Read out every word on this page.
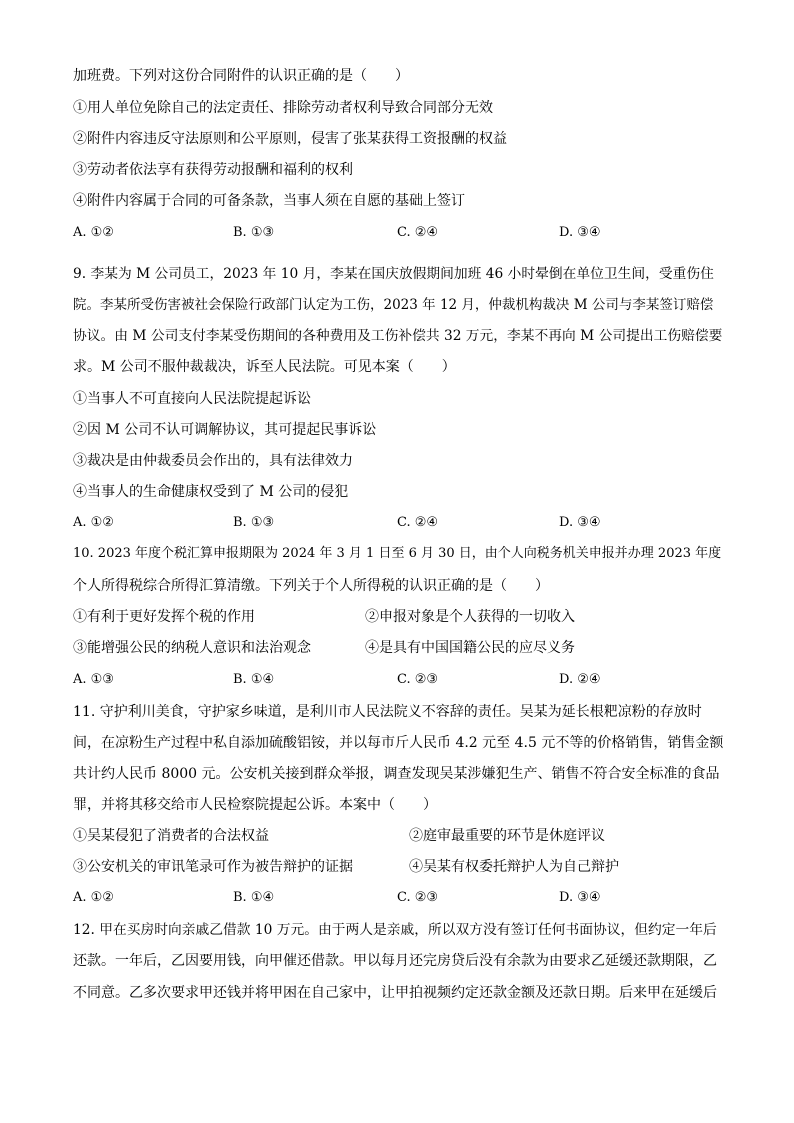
加班费。下列对这份合同附件的认识正确的是（　　）
①用人单位免除自己的法定责任、排除劳动者权利导致合同部分无效
②附件内容违反守法原则和公平原则，侵害了张某获得工资报酬的权益
③劳动者依法享有获得劳动报酬和福利的权利
④附件内容属于合同的可备条款，当事人须在自愿的基础上签订
A. ①②	B. ①③	C. ②④	D. ③④
9. 李某为 M 公司员工，2023 年 10 月，李某在国庆放假期间加班 46 小时晕倒在单位卫生间，受重伤住
院。李某所受伤害被社会保险行政部门认定为工伤，2023 年 12 月，仲裁机构裁决 M 公司与李某签订赔偿
协议。由 M 公司支付李某受伤期间的各种费用及工伤补偿共 32 万元，李某不再向 M 公司提出工伤赔偿要
求。M 公司不服仲裁裁决，诉至人民法院。可见本案（　　）
①当事人不可直接向人民法院提起诉讼
②因 M 公司不认可调解协议，其可提起民事诉讼
③裁决是由仲裁委员会作出的，具有法律效力
④当事人的生命健康权受到了 M 公司的侵犯
A. ①②	B. ①③	C. ②④	D. ③④
10. 2023 年度个税汇算申报期限为 2024 年 3 月 1 日至 6 月 30 日，由个人向税务机关申报并办理 2023 年度
个人所得税综合所得汇算清缴。下列关于个人所得税的认识正确的是（　　）
①有利于更好发挥个税的作用	②申报对象是个人获得的一切收入
③能增强公民的纳税人意识和法治观念	④是具有中国国籍公民的应尽义务
A. ①③	B. ①④	C. ②③	D. ②④
11. 守护利川美食，守护家乡味道，是利川市人民法院义不容辞的责任。吴某为延长根粑凉粉的存放时
间，在凉粉生产过程中私自添加硫酸铝铵，并以每市斤人民币 4.2 元至 4.5 元不等的价格销售，销售金额
共计约人民币 8000 元。公安机关接到群众举报，调查发现吴某涉嫌犯生产、销售不符合安全标准的食品
罪，并将其移交给市人民检察院提起公诉。本案中（　　）
①吴某侵犯了消费者的合法权益	②庭审最重要的环节是休庭评议
③公安机关的审讯笔录可作为被告辩护的证据	④吴某有权委托辩护人为自己辩护
A. ①②	B. ①④	C. ②③	D. ③④
12. 甲在买房时向亲戚乙借款 10 万元。由于两人是亲戚，所以双方没有签订任何书面协议，但约定一年后
还款。一年后，乙因要用钱，向甲催还借款。甲以每月还完房贷后没有余款为由要求乙延缓还款期限，乙
不同意。乙多次要求甲还钱并将甲困在自己家中，让甲拍视频约定还款金额及还款日期。后来甲在延缓后
